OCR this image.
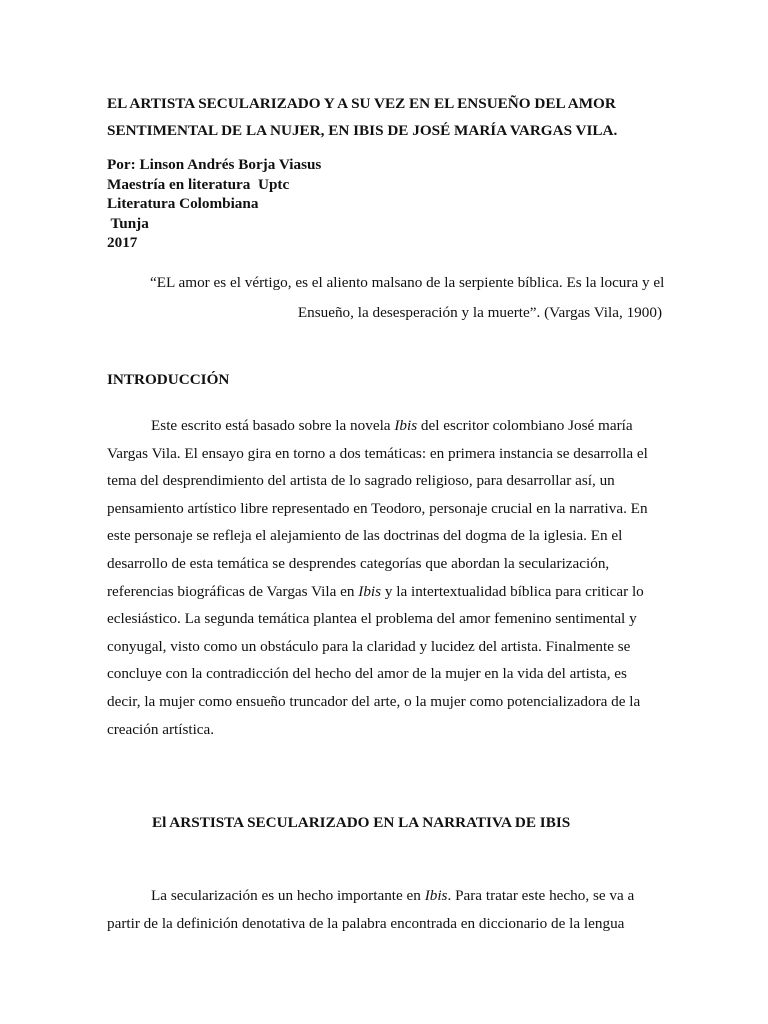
EL ARTISTA SECULARIZADO Y A SU VEZ EN EL ENSUEÑO DEL AMOR
SENTIMENTAL DE LA NUJER, EN IBIS DE JOSÉ MARÍA VARGAS VILA.
Por: Linson Andrés Borja Viasus
Maestría en literatura  Uptc
Literatura Colombiana
Tunja
2017
“EL amor es el vértigo, es el aliento malsano de la serpiente bíblica. Es la locura y el
Ensueño, la desesperación y la muerte”. (Vargas Vila, 1900)
INTRODUCCIÓN
Este escrito está basado sobre la novela Ibis del escritor colombiano José maría
Vargas Vila. El ensayo gira en torno a dos temáticas: en primera instancia se desarrolla el
tema del desprendimiento del artista de lo sagrado religioso, para desarrollar así, un
pensamiento artístico libre representado en Teodoro, personaje crucial en la narrativa. En
este personaje se refleja el alejamiento de las doctrinas del dogma de la iglesia. En el
desarrollo de esta temática se desprendes categorías que abordan la secularización,
referencias biográficas de Vargas Vila en Ibis y la intertextualidad bíblica para criticar lo
eclesiástico. La segunda temática plantea el problema del amor femenino sentimental y
conyugal, visto como un obstáculo para la claridad y lucidez del artista. Finalmente se
concluye con la contradicción del hecho del amor de la mujer en la vida del artista, es
decir, la mujer como ensueño truncador del arte, o la mujer como potencializadora de la
creación artística.
El ARSTISTA SECULARIZADO EN LA NARRATIVA DE IBIS
La secularización es un hecho importante en Ibis. Para tratar este hecho, se va a
partir de la definición denotativa de la palabra encontrada en diccionario de la lengua
